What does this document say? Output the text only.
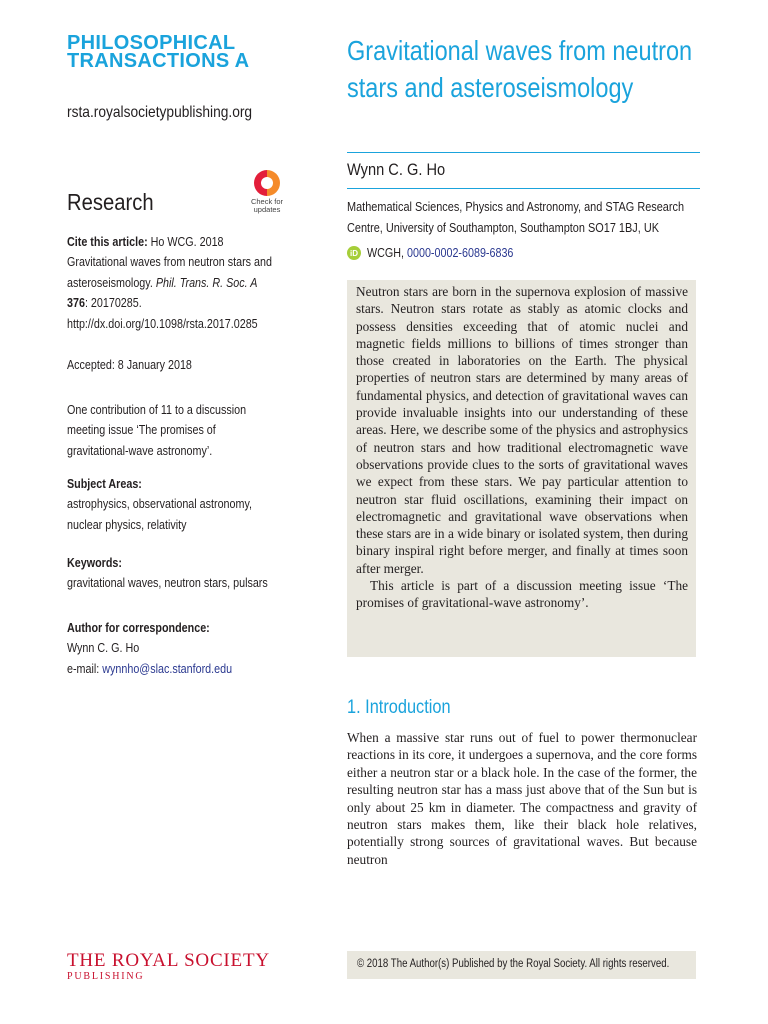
PHILOSOPHICAL
TRANSACTIONS A
rsta.royalsocietypublishing.org
Research	Check for
updates
Cite this article: Ho WCG. 2018 Gravitational waves from neutron stars and asteroseismology. Phil. Trans. R. Soc. A 376: 20170285.
http://dx.doi.org/10.1098/rsta.2017.0285
Accepted: 8 January 2018
One contribution of 11 to a discussion meeting issue ‘The promises of gravitational-wave astronomy’.
Subject Areas:
astrophysics, observational astronomy, nuclear physics, relativity
Keywords:
gravitational waves, neutron stars, pulsars
Author for correspondence:
Wynn C. G. Ho
e-mail: wynnho@slac.stanford.edu
Gravitational waves from neutron stars and asteroseismology
Wynn C. G. Ho
Mathematical Sciences, Physics and Astronomy, and STAG Research Centre, University of Southampton, Southampton SO17 1BJ, UK
iD WCGH, 0000-0002-6089-6836

Neutron stars are born in the supernova explosion of massive stars. Neutron stars rotate as stably as atomic clocks and possess densities exceeding that of atomic nuclei and magnetic fields millions to billions of times stronger than those created in laboratories on the Earth. The physical properties of neutron stars are determined by many areas of fundamental physics, and detection of gravitational waves can provide invaluable insights into our understanding of these areas. Here, we describe some of the physics and astrophysics of neutron stars and how traditional electromagnetic wave observations provide clues to the sorts of gravitational waves we expect from these stars. We pay particular attention to neutron star fluid oscillations, examining their impact on electromagnetic and gravitational wave observations when these stars are in a wide binary or isolated system, then during binary inspiral right before merger, and finally at times soon after merger.

This article is part of a discussion meeting issue ‘The promises of gravitational-wave astronomy’.

1. Introduction
When a massive star runs out of fuel to power thermonuclear reactions in its core, it undergoes a supernova, and the core forms either a neutron star or a black hole. In the case of the former, the resulting neutron star has a mass just above that of the Sun but is only about 25 km in diameter. The compactness and gravity of neutron stars makes them, like their black hole relatives, potentially strong sources of gravitational waves. But because neutron
THE ROYAL SOCIETY
PUBLISHING
© 2018 The Author(s) Published by the Royal Society. All rights reserved.
